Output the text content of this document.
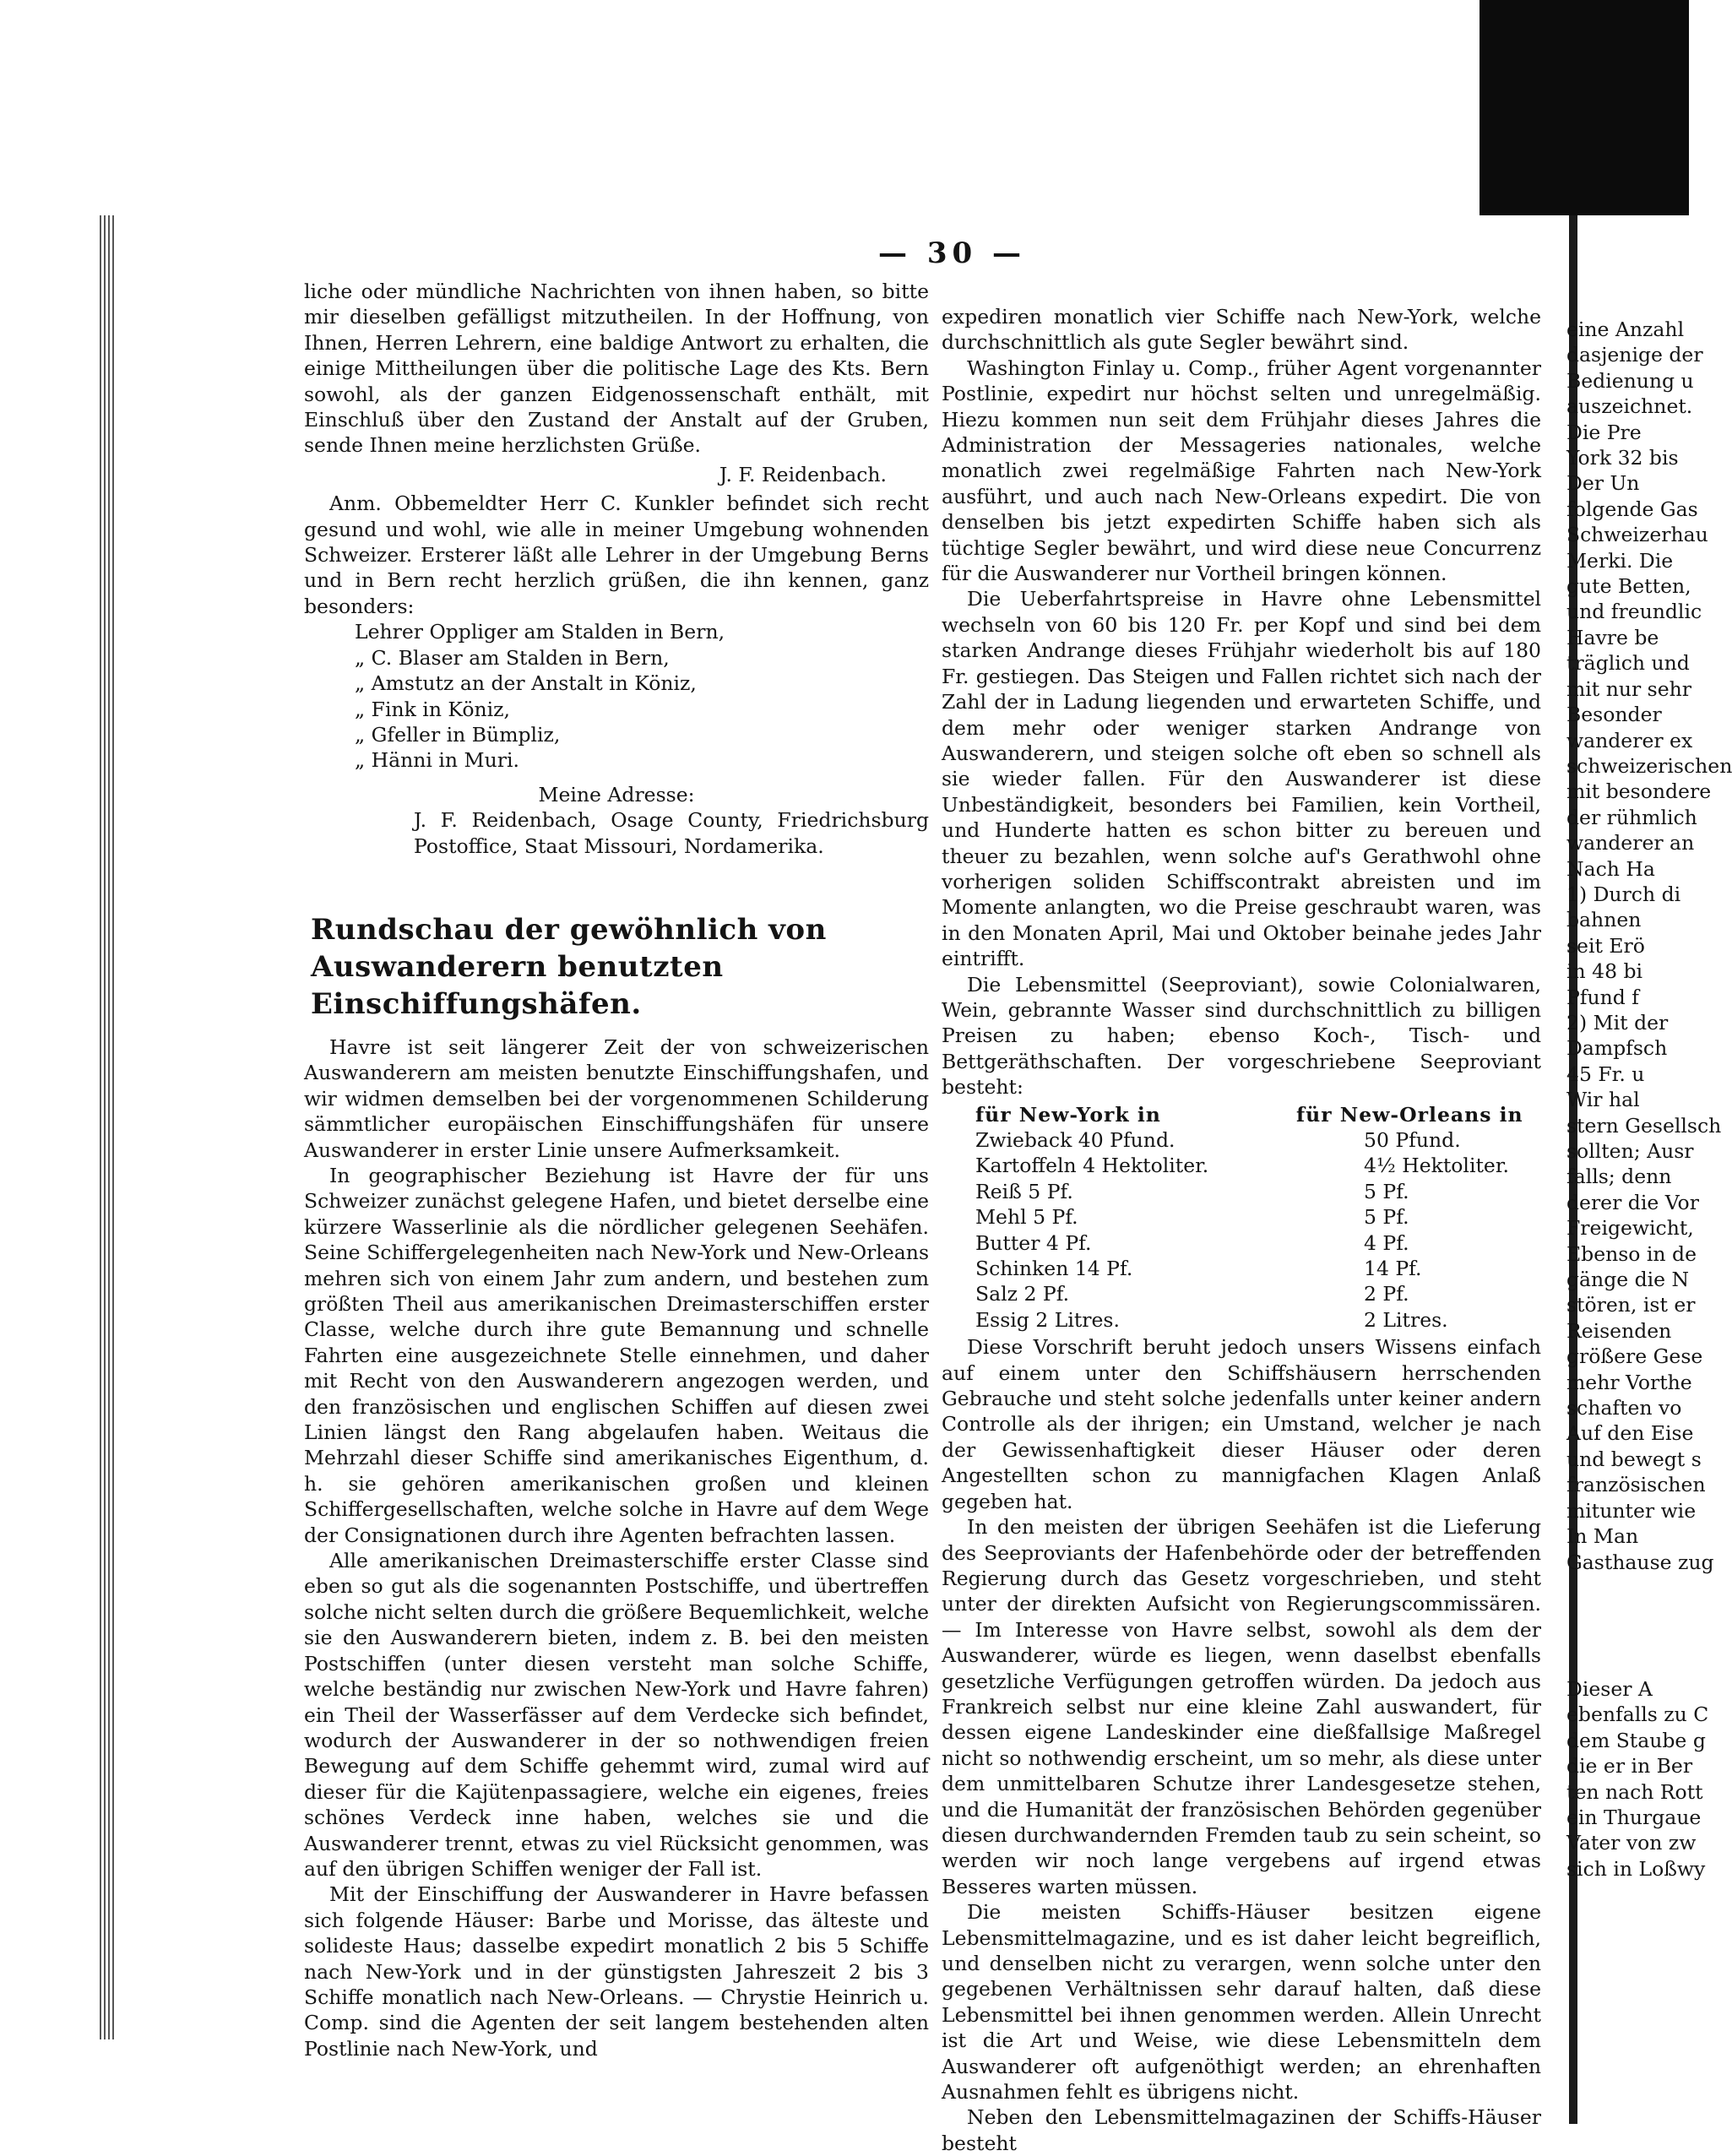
— 30 —

liche oder mündliche Nachrichten von ihnen haben, so bitte mir dieselben gefälligst mitzutheilen. In der Hoffnung, von Ihnen, Herren Lehrern, eine baldige Antwort zu erhalten, die einige Mittheilungen über die politische Lage des Kts. Bern sowohl, als der ganzen Eidgenossenschaft enthält, mit Einschluß über den Zustand der Anstalt auf der Gruben, sende Ihnen meine herzlichsten Grüße.

J. F. Reidenbach.

Anm. Obbemeldter Herr C. Kunkler befindet sich recht gesund und wohl, wie alle in meiner Umgebung wohnenden Schweizer. Ersterer läßt alle Lehrer in der Umgebung Berns und in Bern recht herzlich grüßen, die ihn kennen, ganz besonders:

Lehrer Oppliger am Stalden in Bern,
„ C. Blaser am Stalden in Bern,
„ Amstutz an der Anstalt in Köniz,
„ Fink in Köniz,
„ Gfeller in Bümpliz,
„ Hänni in Muri.

Meine Adresse:

J. F. Reidenbach, Osage County, Friedrichsburg Postoffice, Staat Missouri, Nordamerika.

Rundschau der gewöhnlich von Auswanderern benutzten Einschiffungshäfen.

Havre ist seit längerer Zeit der von schweizerischen Auswanderern am meisten benutzte Einschiffungshafen, und wir widmen demselben bei der vorgenommenen Schilderung sämmtlicher europäischen Einschiffungshäfen für unsere Auswanderer in erster Linie unsere Aufmerksamkeit.

In geographischer Beziehung ist Havre der für uns Schweizer zunächst gelegene Hafen, und bietet derselbe eine kürzere Wasserlinie als die nördlicher gelegenen Seehäfen. Seine Schiffergelegenheiten nach New-York und New-Orleans mehren sich von einem Jahr zum andern, und bestehen zum größten Theil aus amerikanischen Dreimasterschiffen erster Classe, welche durch ihre gute Bemannung und schnelle Fahrten eine ausgezeichnete Stelle einnehmen, und daher mit Recht von den Auswanderern angezogen werden, und den französischen und englischen Schiffen auf diesen zwei Linien längst den Rang abgelaufen haben. Weitaus die Mehrzahl dieser Schiffe sind amerikanisches Eigenthum, d. h. sie gehören amerikanischen großen und kleinen Schiffergesellschaften, welche solche in Havre auf dem Wege der Consignationen durch ihre Agenten befrachten lassen.

Alle amerikanischen Dreimasterschiffe erster Classe sind eben so gut als die sogenannten Postschiffe, und übertreffen solche nicht selten durch die größere Bequemlichkeit, welche sie den Auswanderern bieten, indem z. B. bei den meisten Postschiffen (unter diesen versteht man solche Schiffe, welche beständig nur zwischen New-York und Havre fahren) ein Theil der Wasserfässer auf dem Verdecke sich befindet, wodurch der Auswanderer in der so nothwendigen freien Bewegung auf dem Schiffe gehemmt wird, zumal wird auf dieser für die Kajütenpassagiere, welche ein eigenes, freies schönes Verdeck inne haben, welches sie und die Auswanderer trennt, etwas zu viel Rücksicht genommen, was auf den übrigen Schiffen weniger der Fall ist.

Mit der Einschiffung der Auswanderer in Havre befassen sich folgende Häuser: Barbe und Morisse, das älteste und solideste Haus; dasselbe expedirt monatlich 2 bis 5 Schiffe nach New-York und in der günstigsten Jahreszeit 2 bis 3 Schiffe monatlich nach New-Orleans. — Chrystie Heinrich u. Comp. sind die Agenten der seit langem bestehenden alten Postlinie nach New-York, und

expediren monatlich vier Schiffe nach New-York, welche durchschnittlich als gute Segler bewährt sind.

Washington Finlay u. Comp., früher Agent vorgenannter Postlinie, expedirt nur höchst selten und unregelmäßig. Hiezu kommen nun seit dem Frühjahr dieses Jahres die Administration der Messageries nationales, welche monatlich zwei regelmäßige Fahrten nach New-York ausführt, und auch nach New-Orleans expedirt. Die von denselben bis jetzt expedirten Schiffe haben sich als tüchtige Segler bewährt, und wird diese neue Concurrenz für die Auswanderer nur Vortheil bringen können.

Die Ueberfahrtspreise in Havre ohne Lebensmittel wechseln von 60 bis 120 Fr. per Kopf und sind bei dem starken Andrange dieses Frühjahr wiederholt bis auf 180 Fr. gestiegen. Das Steigen und Fallen richtet sich nach der Zahl der in Ladung liegenden und erwarteten Schiffe, und dem mehr oder weniger starken Andrange von Auswanderern, und steigen solche oft eben so schnell als sie wieder fallen. Für den Auswanderer ist diese Unbeständigkeit, besonders bei Familien, kein Vortheil, und Hunderte hatten es schon bitter zu bereuen und theuer zu bezahlen, wenn solche auf's Gerathwohl ohne vorherigen soliden Schiffscontrakt abreisten und im Momente anlangten, wo die Preise geschraubt waren, was in den Monaten April, Mai und Oktober beinahe jedes Jahr eintrifft.

Die Lebensmittel (Seeproviant), sowie Colonialwaren, Wein, gebrannte Wasser sind durchschnittlich zu billigen Preisen zu haben; ebenso Koch-, Tisch- und Bettgeräthschaften. Der vorgeschriebene Seeproviant besteht:

für New-York in	für New-Orleans in
Zwieback 40 Pfund.	50 Pfund.
Kartoffeln 4 Hektoliter.	4½ Hektoliter.
Reiß 5 Pf.	5 Pf.
Mehl 5 Pf.	5 Pf.
Butter 4 Pf.	4 Pf.
Schinken 14 Pf.	14 Pf.
Salz 2 Pf.	2 Pf.
Essig 2 Litres.	2 Litres.

Diese Vorschrift beruht jedoch unsers Wissens einfach auf einem unter den Schiffshäusern herrschenden Gebrauche und steht solche jedenfalls unter keiner andern Controlle als der ihrigen; ein Umstand, welcher je nach der Gewissenhaftigkeit dieser Häuser oder deren Angestellten schon zu mannigfachen Klagen Anlaß gegeben hat.

In den meisten der übrigen Seehäfen ist die Lieferung des Seeproviants der Hafenbehörde oder der betreffenden Regierung durch das Gesetz vorgeschrieben, und steht unter der direkten Aufsicht von Regierungscommissären. — Im Interesse von Havre selbst, sowohl als dem der Auswanderer, würde es liegen, wenn daselbst ebenfalls gesetzliche Verfügungen getroffen würden. Da jedoch aus Frankreich selbst nur eine kleine Zahl auswandert, für dessen eigene Landeskinder eine dießfallsige Maßregel nicht so nothwendig erscheint, um so mehr, als diese unter dem unmittelbaren Schutze ihrer Landesgesetze stehen, und die Humanität der französischen Behörden gegenüber diesen durchwandernden Fremden taub zu sein scheint, so werden wir noch lange vergebens auf irgend etwas Besseres warten müssen.

Die meisten Schiffs-Häuser besitzen eigene Lebensmittelmagazine, und es ist daher leicht begreiflich, und denselben nicht zu verargen, wenn solche unter den gegebenen Verhältnissen sehr darauf halten, daß diese Lebensmittel bei ihnen genommen werden. Allein Unrecht ist die Art und Weise, wie diese Lebensmitteln dem Auswanderer oft aufgenöthigt werden; an ehrenhaften Ausnahmen fehlt es übrigens nicht.

Neben den Lebensmittelmagazinen der Schiffs-Häuser besteht

eine Anzahl

dasjenige der

Bedienung u

auszeichnet.

Die Pre

York 32 bis

Der Un

folgende Gas

Schweizerhau

Merki. Die

gute Betten,

und freundlic

Havre be

träglich und

mit nur sehr

Besonder

wanderer ex

schweizerischen

mit besondere

der rühmlich

wanderer an

Nach Ha

1) Durch di

bahnen

seit Erö

in 48 bi

Pfund f

2) Mit der

Dampfsch

45 Fr. u

Wir hal

stern Gesellsch

sollten; Ausr

falls; denn

derer die Vor

Freigewicht,

Ebenso in de

gänge die N

stören, ist er

Reisenden

größere Gese

mehr Vorthe

schaften vo

Auf den Eise

und bewegt s

französischen

mitunter wie

In Man

Gasthause zug

Dieser A

ebenfalls zu C

dem Staube g

die er in Ber

ten nach Rott

ein Thurgaue

Vater von zw

sich in Loßwy
